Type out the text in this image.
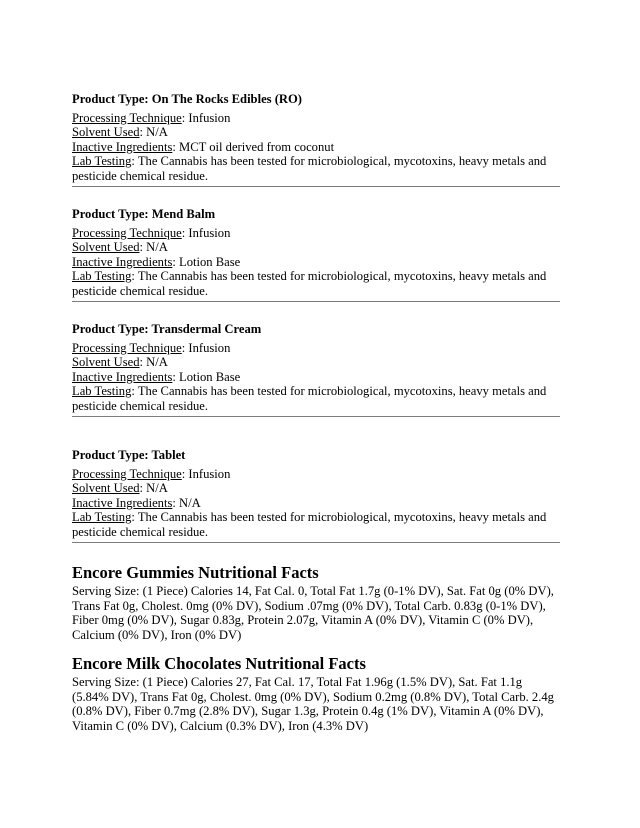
Product Type: On The Rocks Edibles (RO)
Processing Technique: Infusion
Solvent Used: N/A
Inactive Ingredients: MCT oil derived from coconut
Lab Testing: The Cannabis has been tested for microbiological, mycotoxins, heavy metals and pesticide chemical residue.
Product Type: Mend Balm
Processing Technique: Infusion
Solvent Used: N/A
Inactive Ingredients: Lotion Base
Lab Testing: The Cannabis has been tested for microbiological, mycotoxins, heavy metals and pesticide chemical residue.
Product Type: Transdermal Cream
Processing Technique: Infusion
Solvent Used: N/A
Inactive Ingredients: Lotion Base
Lab Testing: The Cannabis has been tested for microbiological, mycotoxins, heavy metals and pesticide chemical residue.
Product Type: Tablet
Processing Technique: Infusion
Solvent Used: N/A
Inactive Ingredients: N/A
Lab Testing: The Cannabis has been tested for microbiological, mycotoxins, heavy metals and pesticide chemical residue.
Encore Gummies Nutritional Facts

Serving Size: (1 Piece) Calories 14, Fat Cal. 0, Total Fat 1.7g (0-1% DV), Sat. Fat 0g (0% DV), Trans Fat 0g, Cholest. 0mg (0% DV), Sodium .07mg (0% DV), Total Carb. 0.83g (0-1% DV), Fiber 0mg (0% DV), Sugar 0.83g, Protein 2.07g, Vitamin A (0% DV), Vitamin C (0% DV), Calcium (0% DV), Iron (0% DV)

Encore Milk Chocolates Nutritional Facts

Serving Size: (1 Piece) Calories 27, Fat Cal. 17, Total Fat 1.96g (1.5% DV), Sat. Fat 1.1g (5.84% DV), Trans Fat 0g, Cholest. 0mg (0% DV), Sodium 0.2mg (0.8% DV), Total Carb. 2.4g (0.8% DV), Fiber 0.7mg (2.8% DV), Sugar 1.3g, Protein 0.4g (1% DV), Vitamin A (0% DV), Vitamin C (0% DV), Calcium (0.3% DV), Iron (4.3% DV)
